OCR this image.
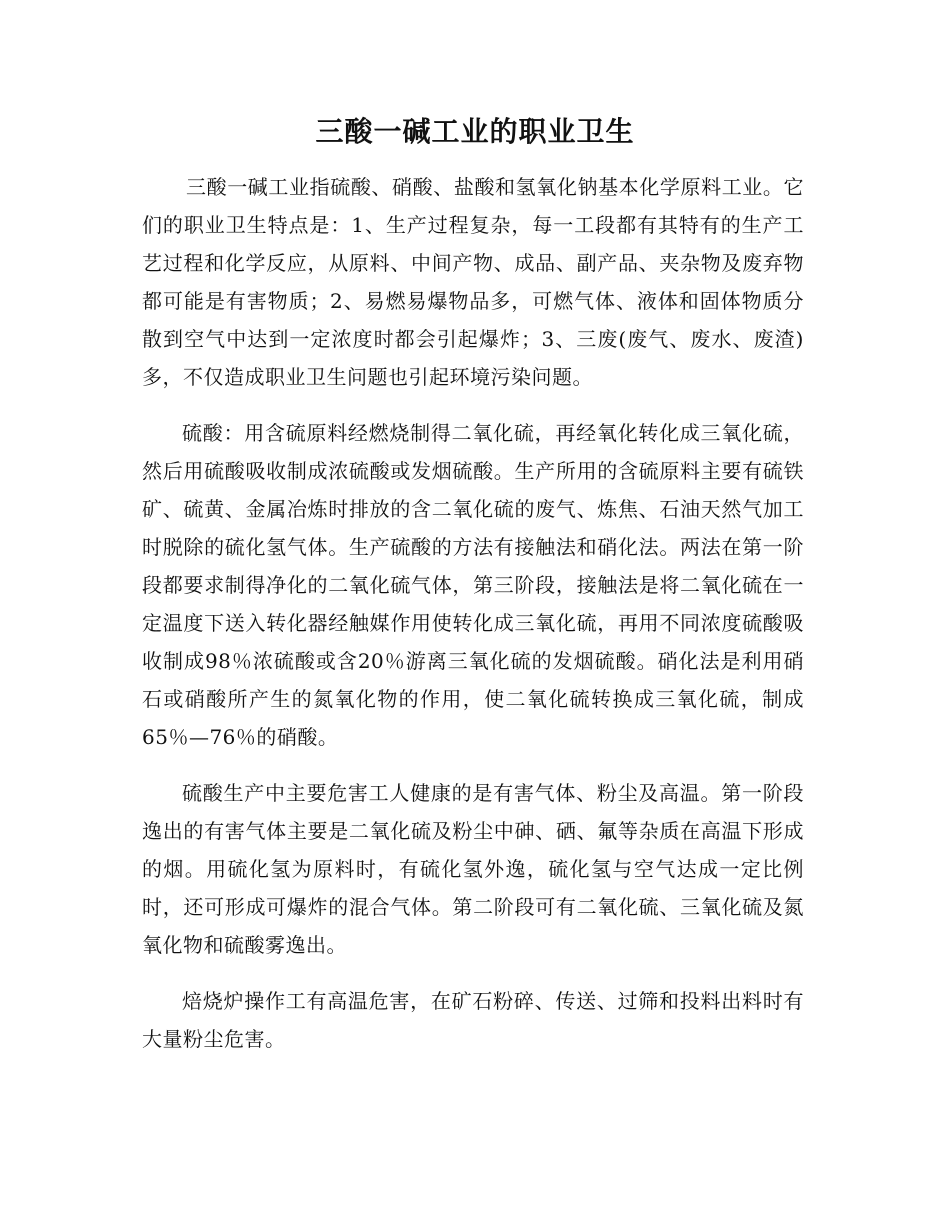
三酸一碱工业的职业卫生

三酸一碱工业指硫酸、硝酸、盐酸和氢氧化钠基本化学原料工业。它们的职业卫生特点是：1、生产过程复杂，每一工段都有其特有的生产工艺过程和化学反应，从原料、中间产物、成品、副产品、夹杂物及废弃物都可能是有害物质；2、易燃易爆物品多，可燃气体、液体和固体物质分散到空气中达到一定浓度时都会引起爆炸；3、三废(废气、废水、废渣)多，不仅造成职业卫生问题也引起环境污染问题。

硫酸：用含硫原料经燃烧制得二氧化硫，再经氧化转化成三氧化硫，然后用硫酸吸收制成浓硫酸或发烟硫酸。生产所用的含硫原料主要有硫铁矿、硫黄、金属冶炼时排放的含二氧化硫的废气、炼焦、石油天然气加工时脱除的硫化氢气体。生产硫酸的方法有接触法和硝化法。两法在第一阶段都要求制得净化的二氧化硫气体，第三阶段，接触法是将二氧化硫在一定温度下送入转化器经触媒作用使转化成三氧化硫，再用不同浓度硫酸吸收制成98％浓硫酸或含20％游离三氧化硫的发烟硫酸。硝化法是利用硝石或硝酸所产生的氮氧化物的作用，使二氧化硫转换成三氧化硫，制成65％—76％的硝酸。

硫酸生产中主要危害工人健康的是有害气体、粉尘及高温。第一阶段逸出的有害气体主要是二氧化硫及粉尘中砷、硒、氟等杂质在高温下形成的烟。用硫化氢为原料时，有硫化氢外逸，硫化氢与空气达成一定比例时，还可形成可爆炸的混合气体。第二阶段可有二氧化硫、三氧化硫及氮氧化物和硫酸雾逸出。

焙烧炉操作工有高温危害，在矿石粉碎、传送、过筛和投料出料时有大量粉尘危害。
